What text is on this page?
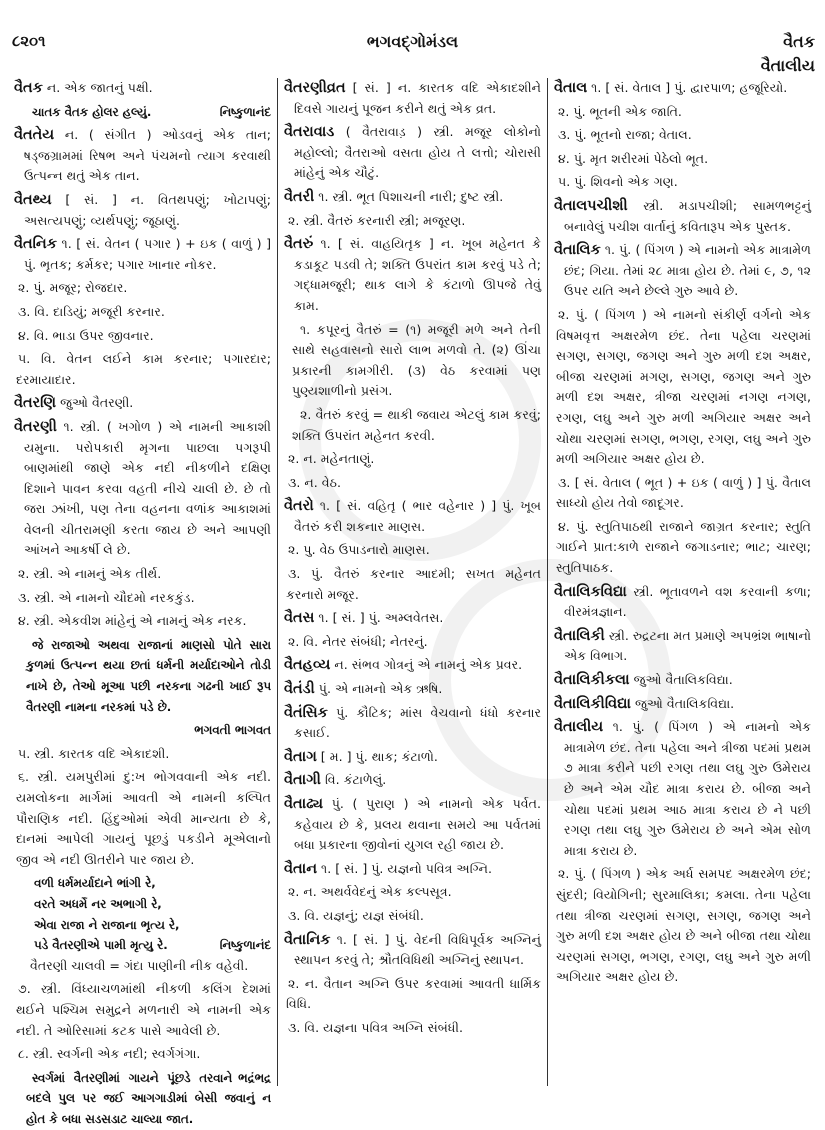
૮૨૦૧	ભગવદ્ગોમંડલ	વૈતક
વૈતાલીય

વૈતક ન. એક જાતનું પક્ષી.

નિષ્કુળાનંદ
ચાતક વૈતક હોલર હલ્યું.

વૈતતેય ન. ( સંગીત ) ઓડવનું એક તાન; ષડ્જગ્રામમાં રિષભ અને પંચમનો ત્યાગ કરવાથી ઉત્પન્ન થતું એક તાન.

વૈતથ્ય [ સં. ] ન. વિતથપણું; ખોટાપણું; અસત્યપણું; વ્યર્થપણું; જૂઠાણું.

વૈતનિક ૧. [ સં. વેતન ( પગાર ) + ઇક ( વાળું ) ] પું. ભૃતક; કર્મકર; પગાર ખાનાર નોકર.

૨. પું. મજૂર; રોજદાર.

૩. વિ. દાડિયું; મજૂરી કરનાર.

૪. વિ. ભાડા ઉપર જીવનાર.

૫. વિ. વેતન લઈને કામ કરનાર; પગારદાર; દરમાયાદાર.

વૈતરણિ જુઓ વૈતરણી.

વૈતરણી ૧. સ્ત્રી. ( ખગોળ ) એ નામની આકાશી યમુના. પરોપકારી મૃગના પાછલા પગરૂપી બાણમાંથી જાણે એક નદી નીકળીને દક્ષિણ દિશાને પાવન કરવા વહતી નીચે ચાલી છે. છે તો જરા ઝાંખી, પણ તેના વહનના વળાંક આકાશમાં વેલની ચીતરામણી કરતા જાય છે અને આપણી આંખને આકર્ષી લે છે.

૨. સ્ત્રી. એ નામનું એક તીર્થ.

૩. સ્ત્રી. એ નામનો ચૌદમો નરકકુંડ.

૪. સ્ત્રી. એકવીશ માંહેનું એ નામનું એક નરક.

જે રાજાઓ અથવા રાજાનાં માણસો પોતે સારા કુળમાં ઉત્પન્ન થયા છતાં ધર્મની મર્યાદાઓને તોડી નાખે છે, તેઓ મૂઆ પછી નરકના ગઢની ખાઈ રૂપ વૈતરણી નામના નરકમાં પડે છે.

ભગવતી ભાગવત

૫. સ્ત્રી. કારતક વદિ એકાદશી.

૬. સ્ત્રી. યમપુરીમાં દુ:ખ ભોગવવાની એક નદી. યમલોકના માર્ગમાં આવતી એ નામની કલ્પિત પૌરાણિક નદી. હિંદુઓમાં એવી માન્યતા છે કે, દાનમાં આપેલી ગાયનું પૂછડું પકડીને મૂએલાનો જીવ એ નદી ઊતરીને પાર જાય છે.

વળી ધર્મમર્યાદાને ભાંગી રે,

વરતે અધર્મે નર અભાગી રે,

એવા રાજા ને રાજાના ભૃત્ય રે,

નિષ્કુળાનંદ
પડે વૈતરણીએ પામી મૃત્યુ રે.

વૈતરણી ચાલવી = ગંદા પાણીની નીક વહેવી.

૭. સ્ત્રી. વિંધ્યાચળમાંથી નીકળી કલિંગ દેશમાં થઈને પશ્ચિમ સમુદ્રને મળનારી એ નામની એક નદી. તે ઓરિસામાં કટક પાસે આવેલી છે.

૮. સ્ત્રી. સ્વર્ગની એક નદી; સ્વર્ગગંગા.

ભદ્રંભદ્ર
સ્વર્ગમાં વૈતરણીમાં ગાયને પૂંછડે તરવાને બદલે પુલ પર જઈ આગગાડીમાં બેસી જવાનું ન હોત કે બધા સડસડાટ ચાલ્યા જાત.

વૈતરણીવ્રત [ સં. ] ન. કારતક વદિ એકાદશીને દિવસે ગાયનું પૂજન કરીને થતું એક વ્રત.

વૈતરાવાડ ( વૈતરાવાડ઼ ) સ્ત્રી. મજૂર લોકોનો મહોલ્લો; વૈતરાઓ વસતા હોય તે લત્તો; ચોરાસી માંહેનું એક ચૌટું.

વૈતરી ૧. સ્ત્રી. ભૂત પિશાચની નારી; દુષ્ટ સ્ત્રી.

૨. સ્ત્રી. વૈતરું કરનારી સ્ત્રી; મજૂરણ.

વૈતરું ૧. [ સં. વાહયિતૃક ] ન. ખૂબ મહેનત કે કડાકૂટ પડવી તે; શક્તિ ઉપરાંત કામ કરવું પડે તે; ગદ્ધામજૂરી; થાક લાગે કે કંટાળો ઊપજે તેવું કામ.

૧. કપૂરનું વૈતરું = (૧) મજૂરી મળે અને તેની સાથે સહવાસનો સારો લાભ મળવો તે. (૨) ઊંચા પ્રકારની કામગીરી. (૩) વેઠ કરવામાં પણ પુણ્યશાળીનો પ્રસંગ.

૨. વૈતરું કરવું = થાકી જવાય એટલું કામ કરવું; શક્તિ ઉપરાંત મહેનત કરવી.

૨. ન. મહેનતાણું.

૩. ન. વેઠ.

વૈતરો ૧. [ સં. વહિતૃ ( ભાર વહેનાર ) ] પું. ખૂબ વૈતરું કરી શકનાર માણસ.

૨. પુ. વેઠ ઉપાડનારો માણસ.

૩. પું. વૈતરું કરનાર આદમી; સખત મહેનત કરનારો મજૂર.

વૈતસ ૧. [ સં. ] પું. અમ્લવેતસ.

૨. વિ. નેતર સંબંધી; નેતરનું.

વૈતહવ્ય ન. સંભવ ગોત્રનું એ નામનું એક પ્રવર.

વૈતંડી પું. એ નામનો એક ઋષિ.

વૈતંસિક પું. કૌટિક; માંસ વેચવાનો ધંધો કરનાર કસાઈ.

વૈતાગ [ મ. ] પું. થાક; કંટાળો.

વૈતાગી વિ. કંટાળેલું.

વૈતાઢ્ય પું. ( પુરાણ ) એ નામનો એક પર્વત. કહેવાય છે કે, પ્રલય થવાના સમયે આ પર્વતમાં બધા પ્રકારના જીવોનાં યુગલ રહી જાય છે.

વૈતાન ૧. [ સં. ] પું. યજ્ઞનો પવિત્ર અગ્નિ.

૨. ન. અથર્વવેદનું એક કલ્પસૂત્ર.

૩. વિ. યજ્ઞનું; યજ્ઞ સંબંધી.

વૈતાનિક ૧. [ સં. ] પું. વેદની વિધિપૂર્વક અગ્નિનું સ્થાપન કરવું તે; શ્રૌતવિધિથી અગ્નિનું સ્થાપન.

૨. ન. વૈતાન અગ્નિ ઉપર કરવામાં આવતી ધાર્મિક વિધિ.

૩. વિ. યજ્ઞના પવિત્ર અગ્નિ સંબંધી.

વૈતાલ ૧. [ સં. વેતાલ ] પું. દ્વારપાળ; હજૂરિયો.

૨. પું. ભૂતની એક જાતિ.

૩. પું. ભૂતનો રાજા; વેતાલ.

૪. પું. મૃત શરીરમાં પેઠેલો ભૂત.

૫. પું. શિવનો એક ગણ.

વૈતાલપચીશી સ્ત્રી. મડાપચીશી; સામળભટ્ટનું બનાવેલું પચીશ વાર્તાનું કવિતારૂપ એક પુસ્તક.

વૈતાલિક ૧. પું. ( પિંગળ ) એ નામનો એક માત્રામેળ છંદ; ગિયા. તેમાં ૨૮ માત્રા હોય છે. તેમાં ૯, ૭, ૧૨ ઉપર યતિ અને છેલ્લે ગુરુ આવે છે.

૨. પું. ( પિંગળ ) એ નામનો સંકીર્ણ વર્ગનો એક વિષમવૃત્ત અક્ષરમેળ છંદ. તેના પહેલા ચરણમાં સગણ, સગણ, જગણ અને ગુરુ મળી દશ અક્ષર, બીજા ચરણમાં મગણ, સગણ, જગણ અને ગુરુ મળી દશ અક્ષર, ત્રીજા ચરણમાં નગણ નગણ, રગણ, લઘુ અને ગુરુ મળી અગિયાર અક્ષર અને ચોથા ચરણમાં સગણ, ભગણ, રગણ, લઘુ અને ગુરુ મળી અગિયાર અક્ષર હોય છે.

૩. [ સં. વેતાલ ( ભૂત ) + ઇક ( વાળું ) ] પું. વૈતાલ સાધ્યો હોય તેવો જાદૂગર.

૪. પું. સ્તુતિપાઠથી રાજાને જાગ્રત કરનાર; સ્તુતિ ગાઈને પ્રાત:કાળે રાજાને જગાડનાર; ભાટ; ચારણ; સ્તુતિપાઠક.

વૈતાલિકવિદ્યા સ્ત્રી. ભૂતાવળને વશ કરવાની કળા; વીરમંત્રજ્ઞાન.

વૈતાલિકી સ્ત્રી. રુદ્રટના મત પ્રમાણે અપભ્રંશ ભાષાનો એક વિભાગ.

વૈતાલિકીકલા જુઓ વૈતાલિકવિદ્યા.

વૈતાલિકીવિદ્યા જુઓ વૈતાલિકવિદ્યા.

વૈતાલીય ૧. પું. ( પિંગળ ) એ નામનો એક માત્રામેળ છંદ. તેના પહેલા અને ત્રીજા પદમાં પ્રથમ ૭ માત્રા કરીને પછી રગણ તથા લઘુ ગુરુ ઉમેરાય છે અને એમ ચૌદ માત્રા કરાય છે. બીજા અને ચોથા પદમાં પ્રથમ આઠ માત્રા કરાય છે ને પછી રગણ તથા લઘુ ગુરુ ઉમેરાય છે અને એમ સોળ માત્રા કરાય છે.

૨. પું. ( પિંગળ ) એક અર્ધ સમપદ અક્ષરમેળ છંદ; સુંદરી; વિયોગિની; સુરમાલિકા; કમલા. તેના પહેલા તથા ત્રીજા ચરણમાં સગણ, સગણ, જગણ અને ગુરુ મળી દશ અક્ષર હોય છે અને બીજા તથા ચોથા ચરણમાં સગણ, ભગણ, રગણ, લઘુ અને ગુરુ મળી અગિયાર અક્ષર હોય છે.
